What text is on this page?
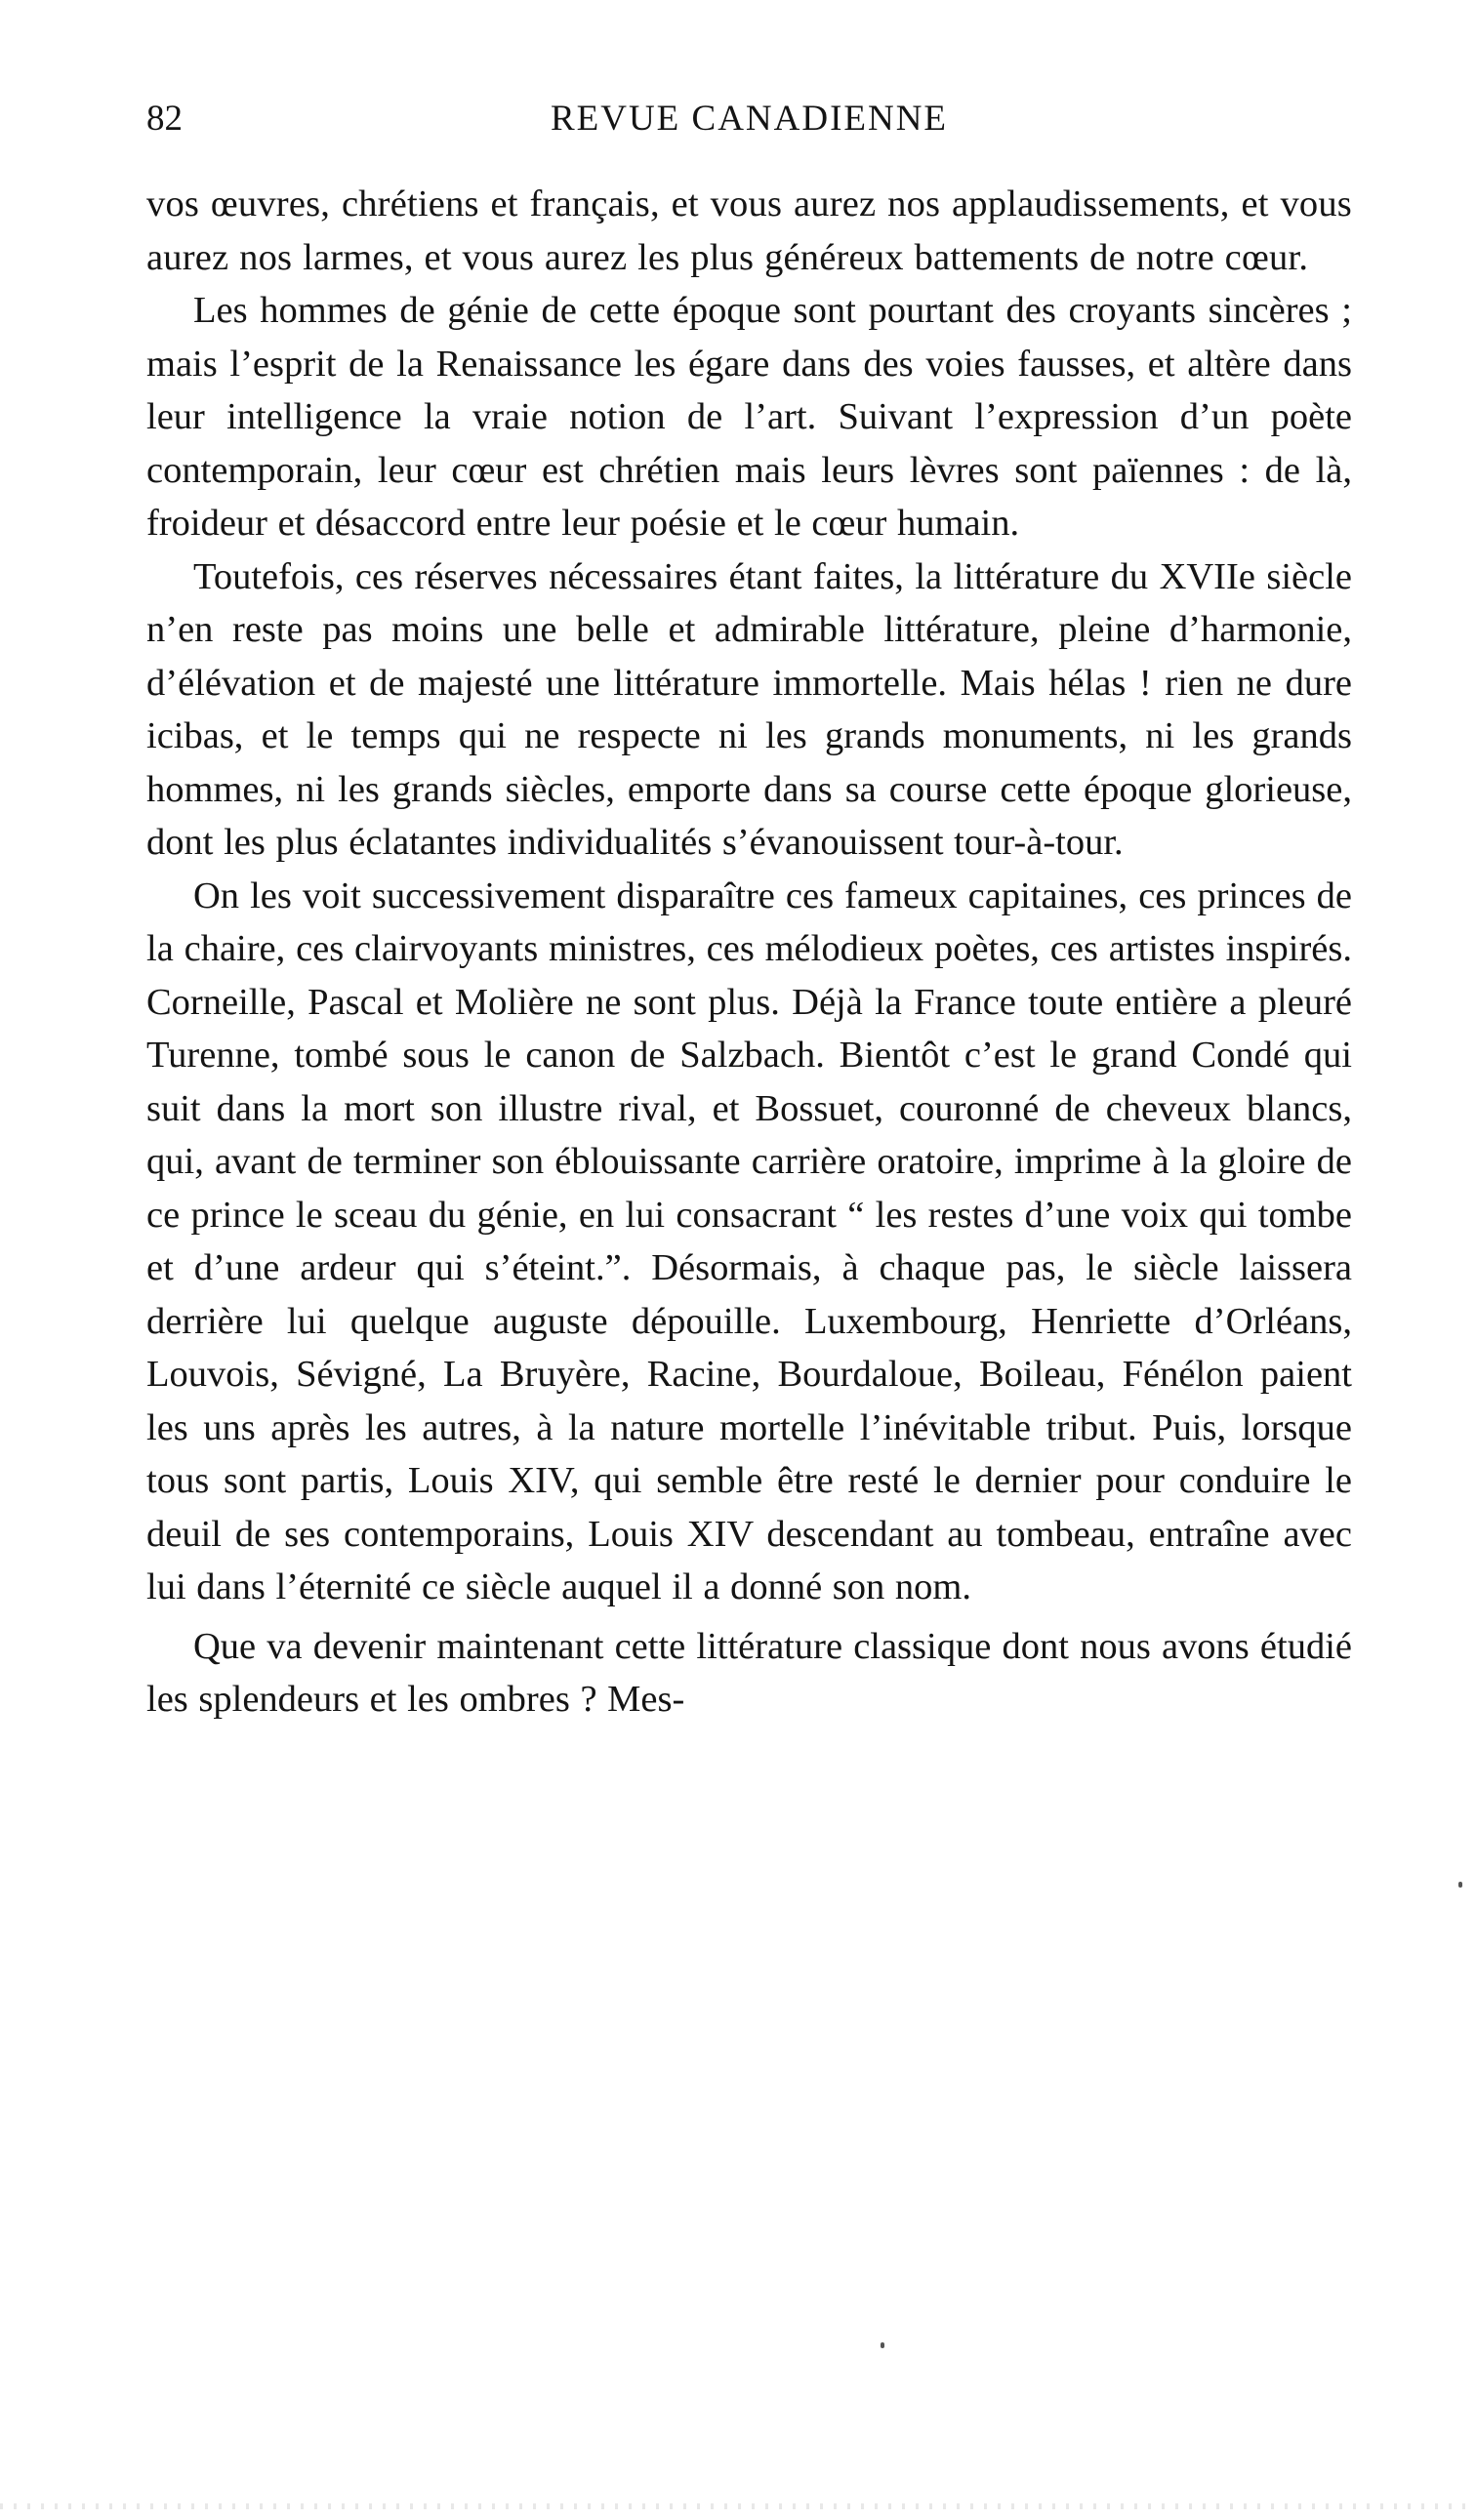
82	REVUE CANADIENNE

vos œuvres, chrétiens et français, et vous aurez nos applaudissements, et vous aurez nos larmes, et vous aurez les plus généreux battements de notre cœur.

Les hommes de génie de cette époque sont pourtant des croyants sincères ; mais l’esprit de la Renaissance les égare dans des voies fausses, et altère dans leur intelligence la vraie notion de l’art. Suivant l’expression d’un poète contemporain, leur cœur est chrétien mais leurs lèvres sont païennes : de là, froideur et désaccord entre leur poésie et le cœur humain.

Toutefois, ces réserves nécessaires étant faites, la littérature du XVIIe siècle n’en reste pas moins une belle et admirable littérature, pleine d’harmonie, d’élévation et de majesté une littérature immortelle. Mais hélas ! rien ne dure icibas, et le temps qui ne respecte ni les grands monuments, ni les grands hommes, ni les grands siècles, emporte dans sa course cette époque glorieuse, dont les plus éclatantes individualités s’évanouissent tour-à-tour.

On les voit successivement disparaître ces fameux capitaines, ces princes de la chaire, ces clairvoyants ministres, ces mélodieux poètes, ces artistes inspirés. Corneille, Pascal et Molière ne sont plus. Déjà la France toute entière a pleuré Turenne, tombé sous le canon de Salzbach. Bientôt c’est le grand Condé qui suit dans la mort son illustre rival, et Bossuet, couronné de cheveux blancs, qui, avant de terminer son éblouissante carrière oratoire, imprime à la gloire de ce prince le sceau du génie, en lui consacrant “ les restes d’une voix qui tombe et d’une ardeur qui s’éteint.”. Désormais, à chaque pas, le siècle laissera derrière lui quelque auguste dépouille. Luxembourg, Henriette d’Orléans, Louvois, Sévigné, La Bruyère, Racine, Bourdaloue, Boileau, Fénélon paient les uns après les autres, à la nature mortelle l’inévitable tribut. Puis, lorsque tous sont partis, Louis XIV, qui semble être resté le dernier pour conduire le deuil de ses contemporains, Louis XIV descendant au tombeau, entraîne avec lui dans l’éternité ce siècle auquel il a donné son nom.

Que va devenir maintenant cette littérature classique dont nous avons étudié les splendeurs et les ombres ? Mes-
